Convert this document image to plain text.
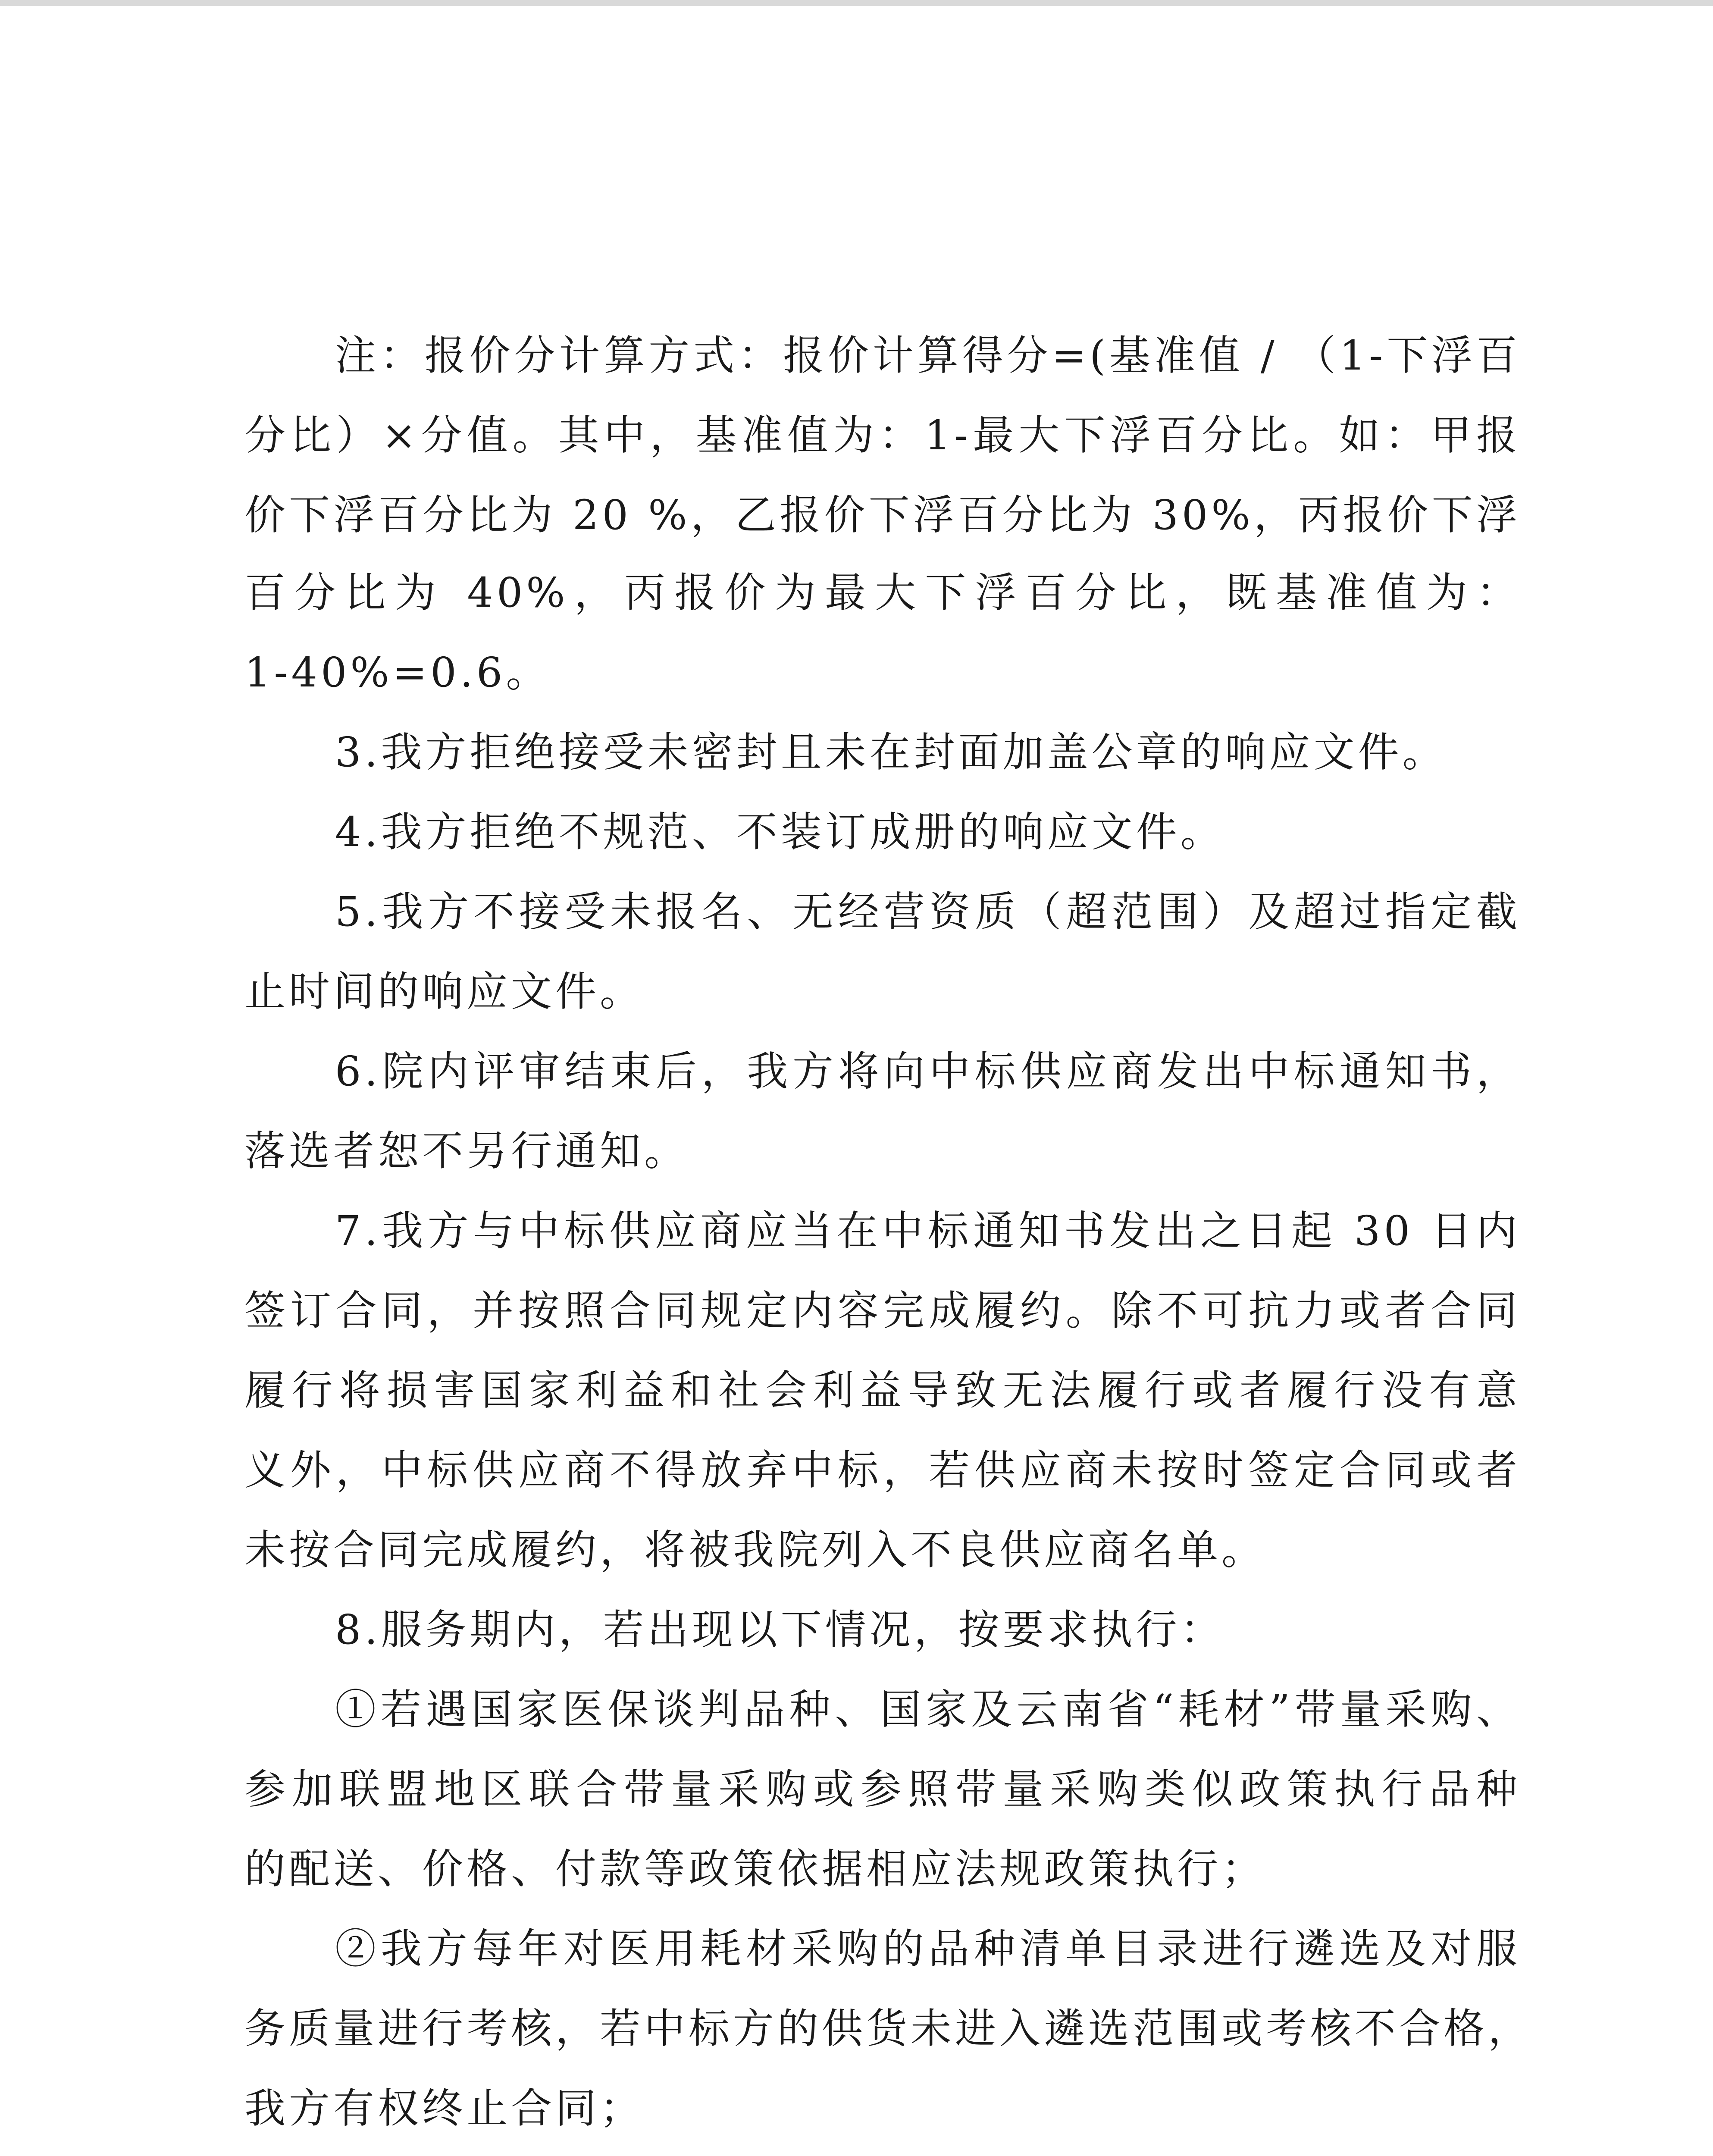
注：报价分计算方式：报价计算得分=(基准值 / （1-下浮百
分比）×分值。其中，基准值为：1-最大下浮百分比。如：甲报
价下浮百分比为 20 %，乙报价下浮百分比为 30%，丙报价下浮
百分比为 40%，丙报价为最大下浮百分比，既基准值为：
1-40%=0.6。
3.我方拒绝接受未密封且未在封面加盖公章的响应文件。
4.我方拒绝不规范、不装订成册的响应文件。
5.我方不接受未报名、无经营资质（超范围）及超过指定截
止时间的响应文件。
6.院内评审结束后，我方将向中标供应商发出中标通知书，
落选者恕不另行通知。
7.我方与中标供应商应当在中标通知书发出之日起 30 日内
签订合同，并按照合同规定内容完成履约。除不可抗力或者合同
履行将损害国家利益和社会利益导致无法履行或者履行没有意
义外，中标供应商不得放弃中标，若供应商未按时签定合同或者
未按合同完成履约，将被我院列入不良供应商名单。
8.服务期内，若出现以下情况，按要求执行：
①若遇国家医保谈判品种、国家及云南省“耗材”带量采购、
参加联盟地区联合带量采购或参照带量采购类似政策执行品种
的配送、价格、付款等政策依据相应法规政策执行；
②我方每年对医用耗材采购的品种清单目录进行遴选及对服
务质量进行考核，若中标方的供货未进入遴选范围或考核不合格，
我方有权终止合同；
